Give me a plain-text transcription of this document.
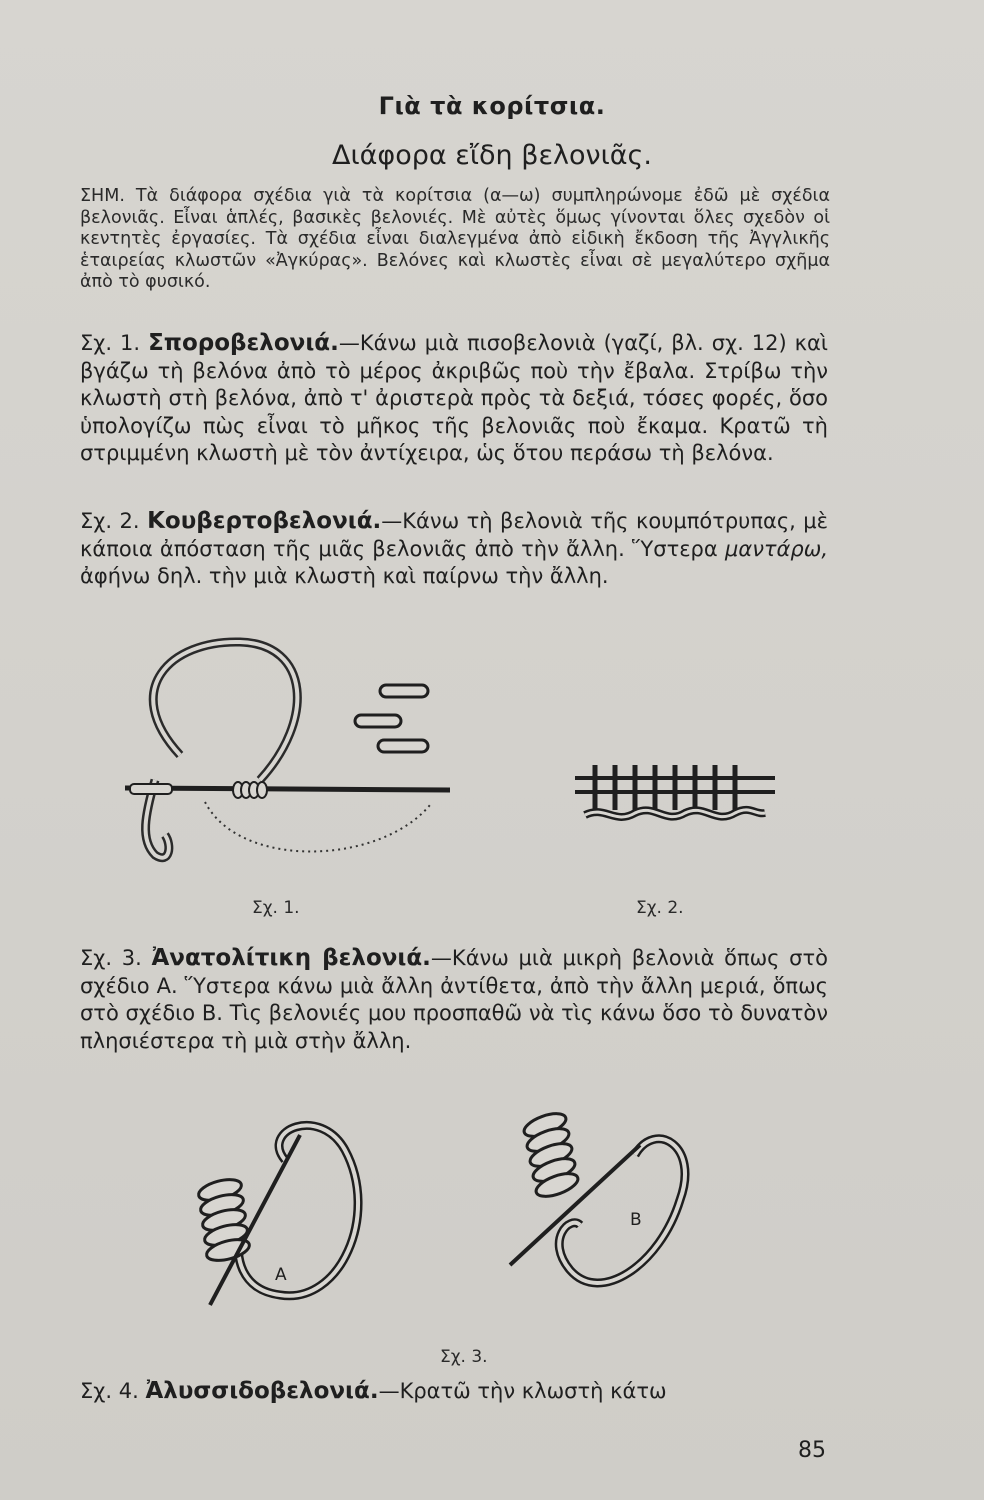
Γιὰ τὰ κορίτσια.
Διάφορα εἴδη βελονιᾶς.
ΣΗΜ. Τὰ διάφορα σχέδια γιὰ τὰ κορίτσια (α—ω) συμπληρώνομε ἐδῶ μὲ σχέδια βελονιᾶς. Εἶναι ἁπλές, βασικὲς βελονιές. Μὲ αὐτὲς ὅμως γίνονται ὅλες σχεδὸν οἱ κεντητὲς ἐργασίες. Τὰ σχέδια εἶναι διαλεγμένα ἀπὸ εἰδικὴ ἔκδοση τῆς Ἀγγλικῆς ἑταιρείας κλωστῶν «Ἀγκύρας». Βελόνες καὶ κλωστὲς εἶναι σὲ μεγαλύτερο σχῆμα ἀπὸ τὸ φυσικό.
Σχ. 1. Σποροβελονιά.—Κάνω μιὰ πισοβελονιὰ (γαζί, βλ. σχ. 12) καὶ βγάζω τὴ βελόνα ἀπὸ τὸ μέρος ἀκριβῶς ποὺ τὴν ἔβαλα. Στρίβω τὴν κλωστὴ στὴ βελόνα, ἀπὸ τ' ἀριστερὰ πρὸς τὰ δεξιά, τόσες φορές, ὅσο ὑπολογίζω πὼς εἶναι τὸ μῆκος τῆς βελονιᾶς ποὺ ἔκαμα. Κρατῶ τὴ στριμμένη κλωστὴ μὲ τὸν ἀντίχειρα, ὡς ὅτου περάσω τὴ βελόνα.
Σχ. 2. Κουβερτοβελονιά.—Κάνω τὴ βελονιὰ τῆς κουμπότρυπας, μὲ κάποια ἀπόσταση τῆς μιᾶς βελονιᾶς ἀπὸ τὴν ἄλλη. Ὕστερα μαντάρω, ἀφήνω δηλ. τὴν μιὰ κλωστὴ καὶ παίρνω τὴν ἄλλη.
Σχ. 1.	Σχ. 2.
Σχ. 3. Ἀνατολίτικη βελονιά.—Κάνω μιὰ μικρὴ βελονιὰ ὅπως στὸ σχέδιο Α. Ὕστερα κάνω μιὰ ἄλλη ἀντίθετα, ἀπὸ τὴν ἄλλη μεριά, ὅπως στὸ σχέδιο Β. Τὶς βελονιές μου προσπαθῶ νὰ τὶς κάνω ὅσο τὸ δυνατὸν πλησιέστερα τὴ μιὰ στὴν ἄλλη.
Α
Β
Σχ. 3.
Σχ. 4. Ἀλυσσιδοβελονιά.—Κρατῶ τὴν κλωστὴ κάτω
85
